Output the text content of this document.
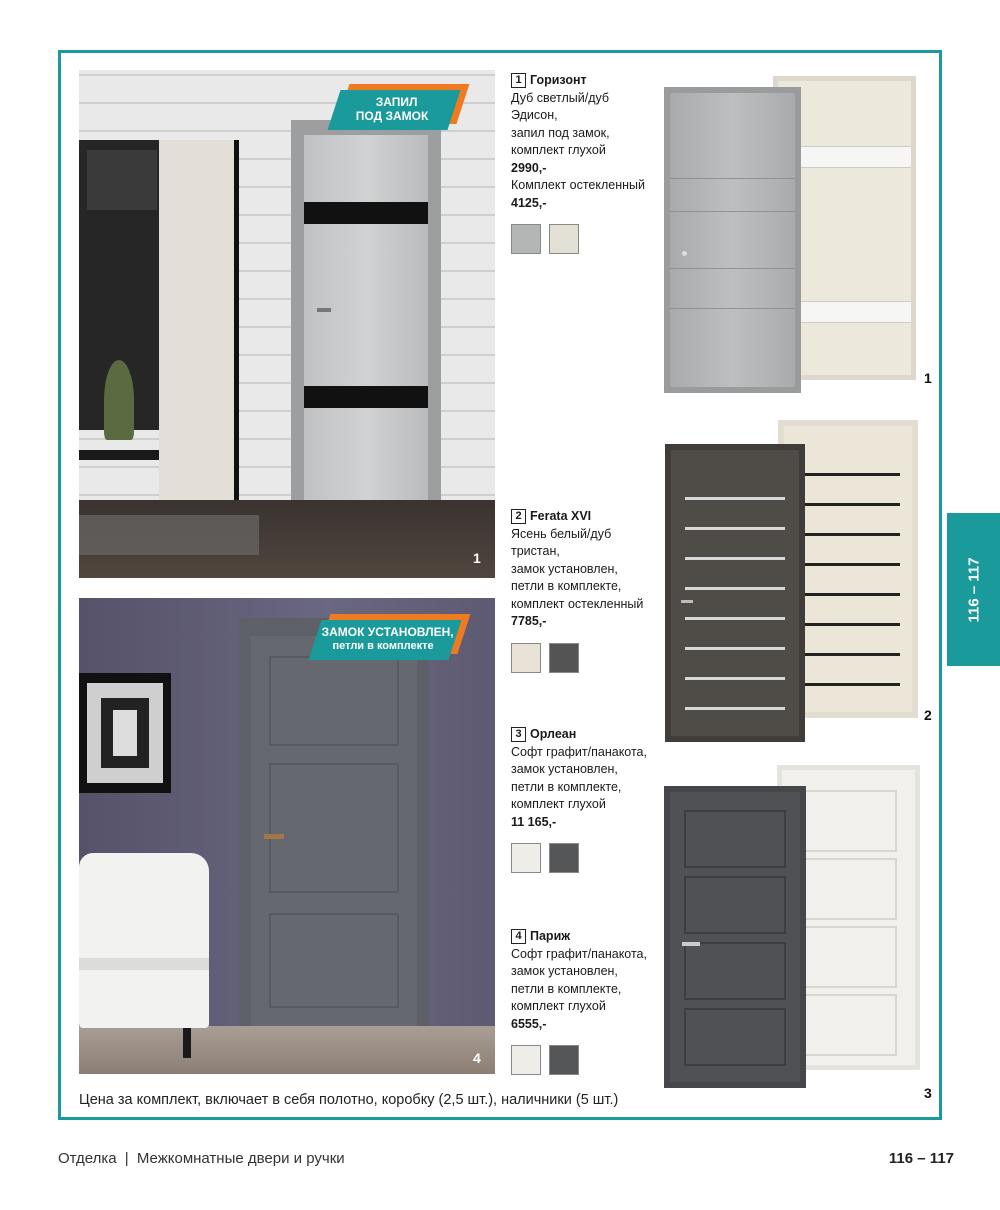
116 – 117
ЗАПИЛ
ПОД ЗАМОК
1
ЗАМОК УСТАНОВЛЕН,
петли в комплекте
4
1 Горизонт
Дуб светлый/дуб
Эдисон,
запил под замок,
комплект глухой
2990,-
Комплект остекленный
4125,-
2 Ferata XVI
Ясень белый/дуб
тристан,
замок установлен,
петли в комплекте,
комплект остекленный
7785,-
3 Орлеан
Софт графит/панакота,
замок установлен,
петли в комплекте,
комплект глухой
11 165,-
4 Париж
Софт графит/панакота,
замок установлен,
петли в комплекте,
комплект глухой
6555,-
1
2
3
Цена за комплект, включает в себя полотно, коробку (2,5 шт.), наличники (5 шт.)
Отделка | Межкомнатные двери и ручки	116 – 117
